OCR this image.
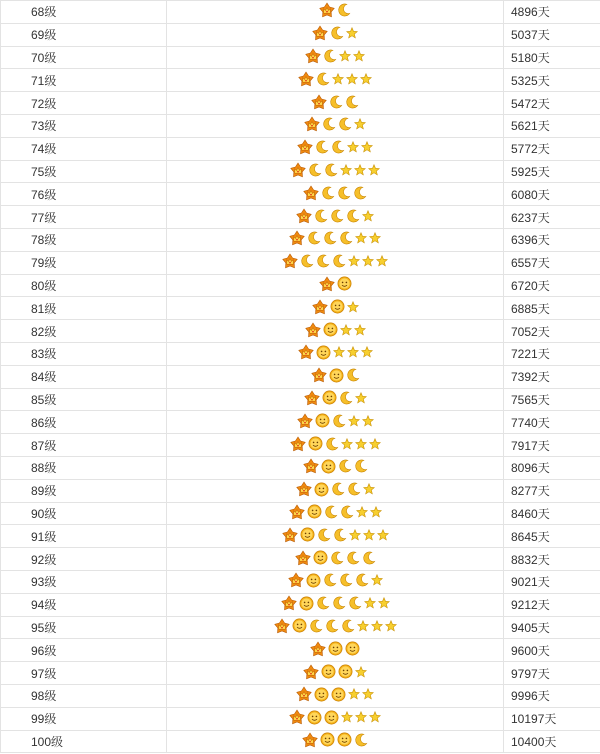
68级		4896天
69级		5037天
70级		5180天
71级		5325天
72级		5472天
73级		5621天
74级		5772天
75级		5925天
76级		6080天
77级		6237天
78级		6396天
79级		6557天
80级		6720天
81级		6885天
82级		7052天
83级		7221天
84级		7392天
85级		7565天
86级		7740天
87级		7917天
88级		8096天
89级		8277天
90级		8460天
91级		8645天
92级		8832天
93级		9021天
94级		9212天
95级		9405天
96级		9600天
97级		9797天
98级		9996天
99级		10197天
100级		10400天
